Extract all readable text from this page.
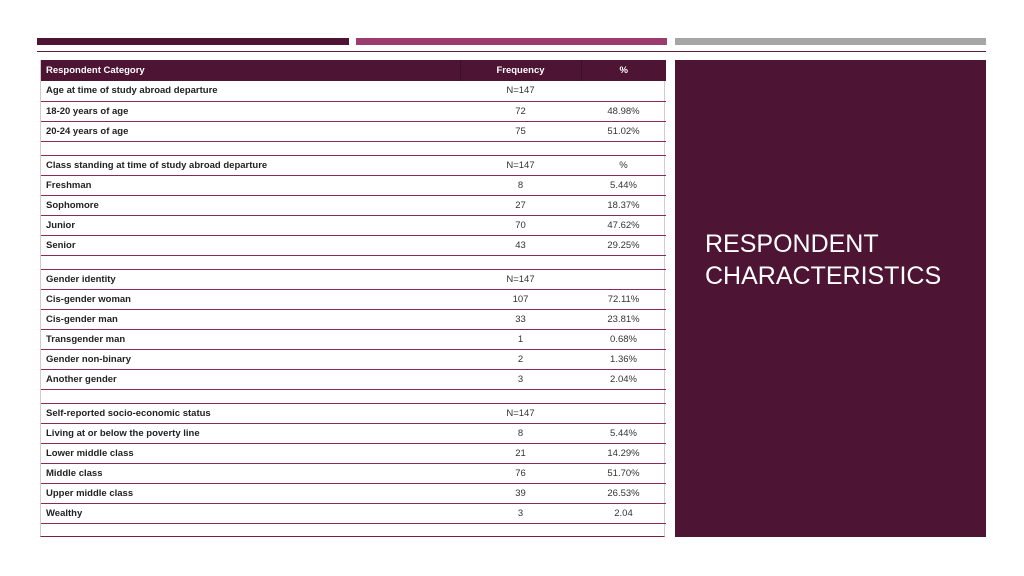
Respondent Category	Frequency	%
Age at time of study abroad departure	N=147	
18-20 years of age	72	48.98%
20-24 years of age	75	51.02%

Class standing at time of study abroad departure	N=147	%
Freshman	8	5.44%
Sophomore	27	18.37%
Junior	70	47.62%
Senior	43	29.25%

Gender identity	N=147	
Cis-gender woman	107	72.11%
Cis-gender man	33	23.81%
Transgender man	1	0.68%
Gender non-binary	2	1.36%
Another gender	3	2.04%

Self-reported socio-economic status	N=147	
Living at or below the poverty line	8	5.44%
Lower middle class	21	14.29%
Middle class	76	51.70%
Upper middle class	39	26.53%
Wealthy	3	2.04
RESPONDENT CHARACTERISTICS
